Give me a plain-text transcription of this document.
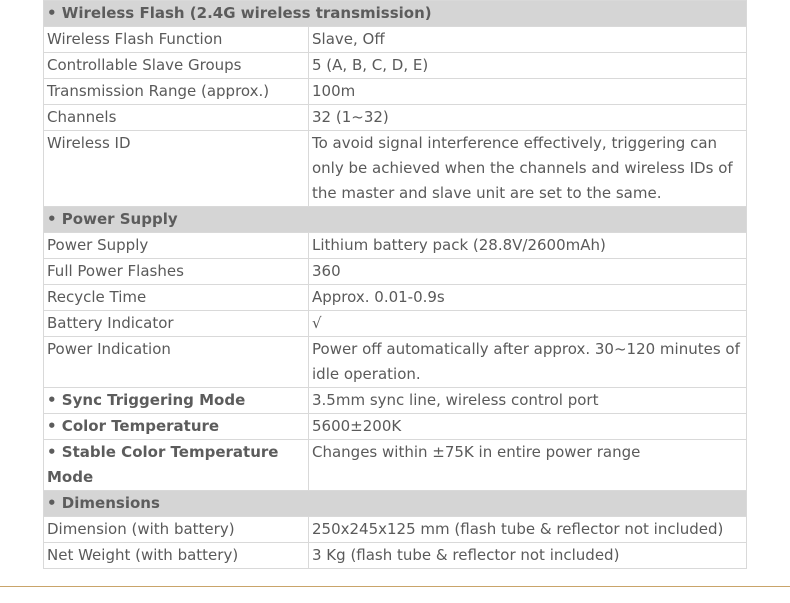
• Wireless Flash (2.4G wireless transmission)	
Wireless Flash Function	Slave, Off
Controllable Slave Groups	5 (A, B, C, D, E)
Transmission Range (approx.)	100m
Channels	32 (1~32)
Wireless ID	To avoid signal interference effectively, triggering can only be achieved when the channels and wireless IDs of the master and slave unit are set to the same.
• Power Supply	
Power Supply	Lithium battery pack (28.8V/2600mAh)
Full Power Flashes	360
Recycle Time	Approx. 0.01-0.9s
Battery Indicator	√
Power Indication	Power off automatically after approx. 30~120 minutes of idle operation.
• Sync Triggering Mode	3.5mm sync line, wireless control port
• Color Temperature	5600±200K
• Stable Color Temperature Mode	Changes within ±75K in entire power range
• Dimensions	
Dimension (with battery)	250x245x125 mm (flash tube & reflector not included)
Net Weight (with battery)	3 Kg (flash tube & reflector not included)
